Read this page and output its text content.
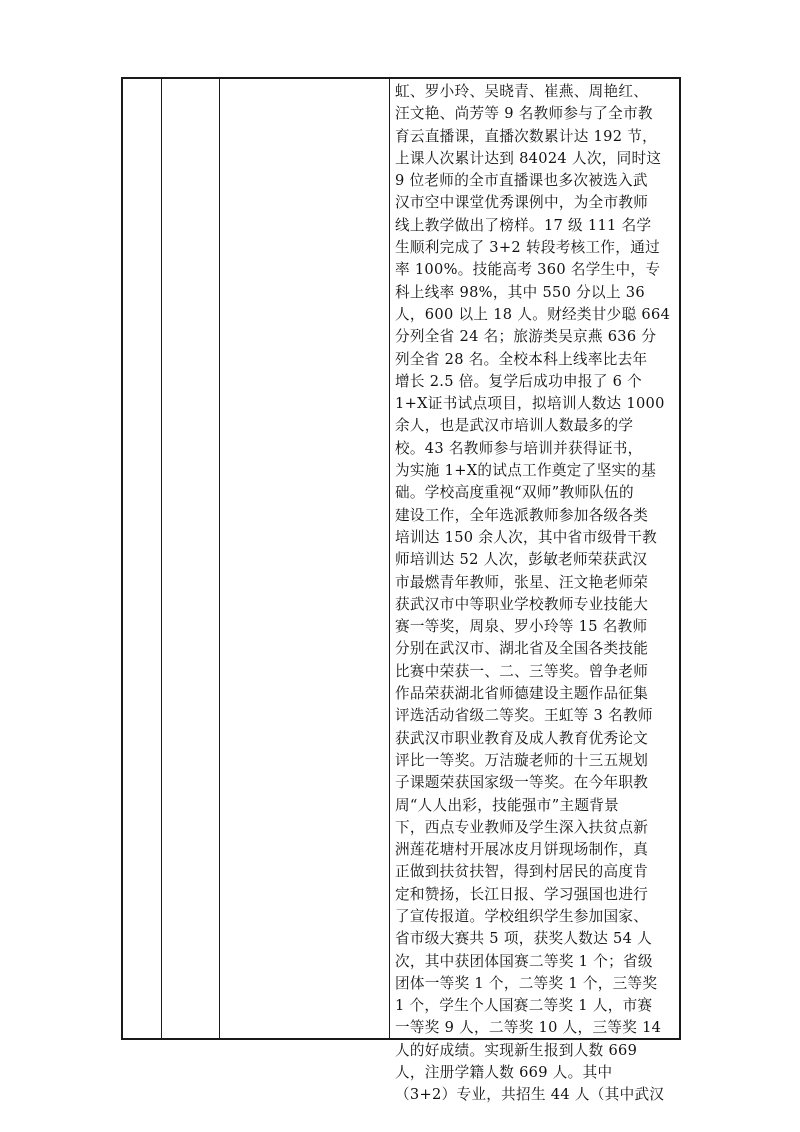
虹、罗小玲、吴晓青、崔燕、周艳红、
汪文艳、尚芳等 9 名教师参与了全市教
育云直播课，直播次数累计达 192 节，
上课人次累计达到 84024 人次，同时这
9 位老师的全市直播课也多次被选入武
汉市空中课堂优秀课例中，为全市教师
线上教学做出了榜样。17 级 111 名学
生顺利完成了 3+2 转段考核工作，通过
率 100%。技能高考 360 名学生中，专
科上线率 98%，其中 550 分以上 36
人，600 以上 18 人。财经类甘少聪 664
分列全省 24 名；旅游类吴京燕 636 分
列全省 28 名。全校本科上线率比去年
增长 2.5 倍。复学后成功申报了 6 个
1+X证书试点项目，拟培训人数达 1000
余人，也是武汉市培训人数最多的学
校。43 名教师参与培训并获得证书，
为实施 1+X的试点工作奠定了坚实的基
础。学校高度重视“双师”教师队伍的
建设工作，全年选派教师参加各级各类
培训达 150 余人次，其中省市级骨干教
师培训达 52 人次，彭敏老师荣获武汉
市最燃青年教师，张星、汪文艳老师荣
获武汉市中等职业学校教师专业技能大
赛一等奖，周泉、罗小玲等 15 名教师
分别在武汉市、湖北省及全国各类技能
比赛中荣获一、二、三等奖。曾争老师
作品荣获湖北省师德建设主题作品征集
评选活动省级二等奖。王虹等 3 名教师
获武汉市职业教育及成人教育优秀论文
评比一等奖。万洁璇老师的十三五规划
子课题荣获国家级一等奖。在今年职教
周“人人出彩，技能强市”主题背景
下，西点专业教师及学生深入扶贫点新
洲莲花塘村开展冰皮月饼现场制作，真
正做到扶贫扶智，得到村居民的高度肯
定和赞扬，长江日报、学习强国也进行
了宣传报道。学校组织学生参加国家、
省市级大赛共 5 项，获奖人数达 54 人
次，其中获团体国赛二等奖 1 个；省级
团体一等奖 1 个，二等奖 1 个，三等奖
1 个，学生个人国赛二等奖 1 人，市赛
一等奖 9 人，二等奖 10 人，三等奖 14
人的好成绩。实现新生报到人数 669
人，注册学籍人数 669 人。其中
（3+2）专业，共招生 44 人（其中武汉
